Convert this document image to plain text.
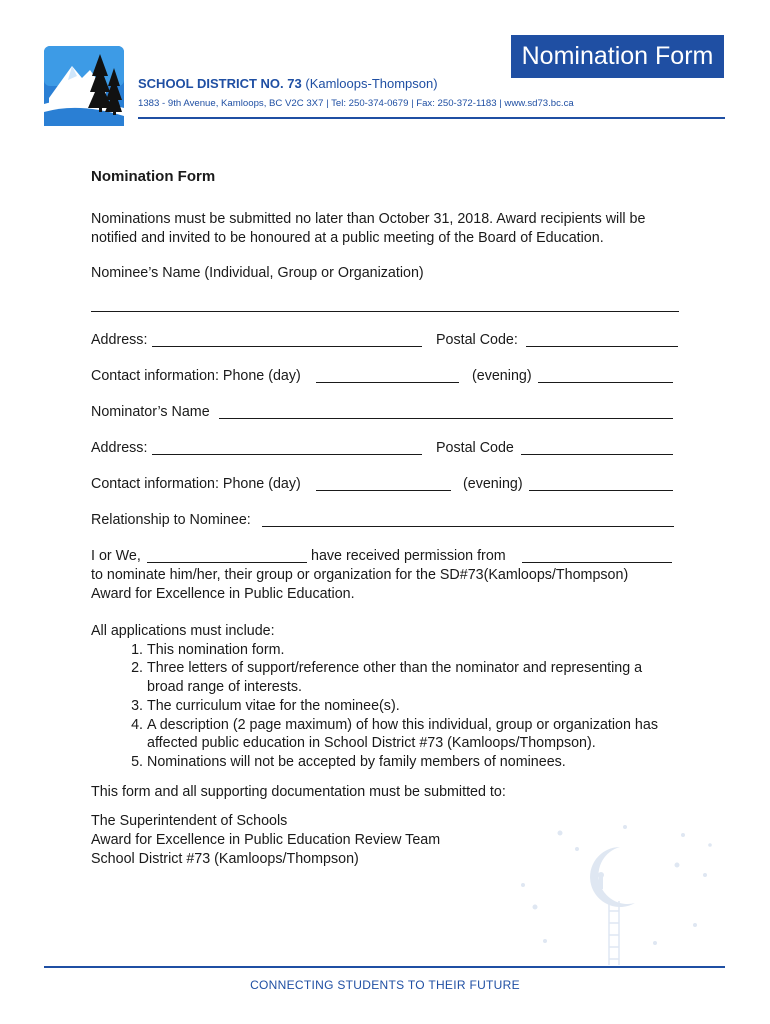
Nomination Form
SCHOOL DISTRICT NO. 73 (Kamloops-Thompson)
1383 - 9th Avenue, Kamloops, BC V2C 3X7 | Tel: 250-374-0679 | Fax: 250-372-1183 | www.sd73.bc.ca
Nomination Form
Nominations must be submitted no later than October 31, 2018. Award recipients will be notified and invited to be honoured at a public meeting of the Board of Education.
Nominee’s Name (Individual, Group or Organization)
Address:	Postal Code:
Contact information: Phone (day)	(evening)
Nominator’s Name
Address:	Postal Code
Contact information: Phone (day)	(evening)
Relationship to Nominee:
I or We,	have received permission from
to nominate him/her, their group or organization for the SD#73(Kamloops/Thompson)
Award for Excellence in Public Education.
All applications must include:
1. This nomination form.
2. Three letters of support/reference other than the nominator and representing a broad range of interests.
3. The curriculum vitae for the nominee(s).
4. A description (2 page maximum) of how this individual, group or organization has affected public education in School District #73 (Kamloops/Thompson).
5. Nominations will not be accepted by family members of nominees.
This form and all supporting documentation must be submitted to:
The Superintendent of Schools
Award for Excellence in Public Education Review Team
School District #73 (Kamloops/Thompson)
CONNECTING STUDENTS TO THEIR FUTURE
